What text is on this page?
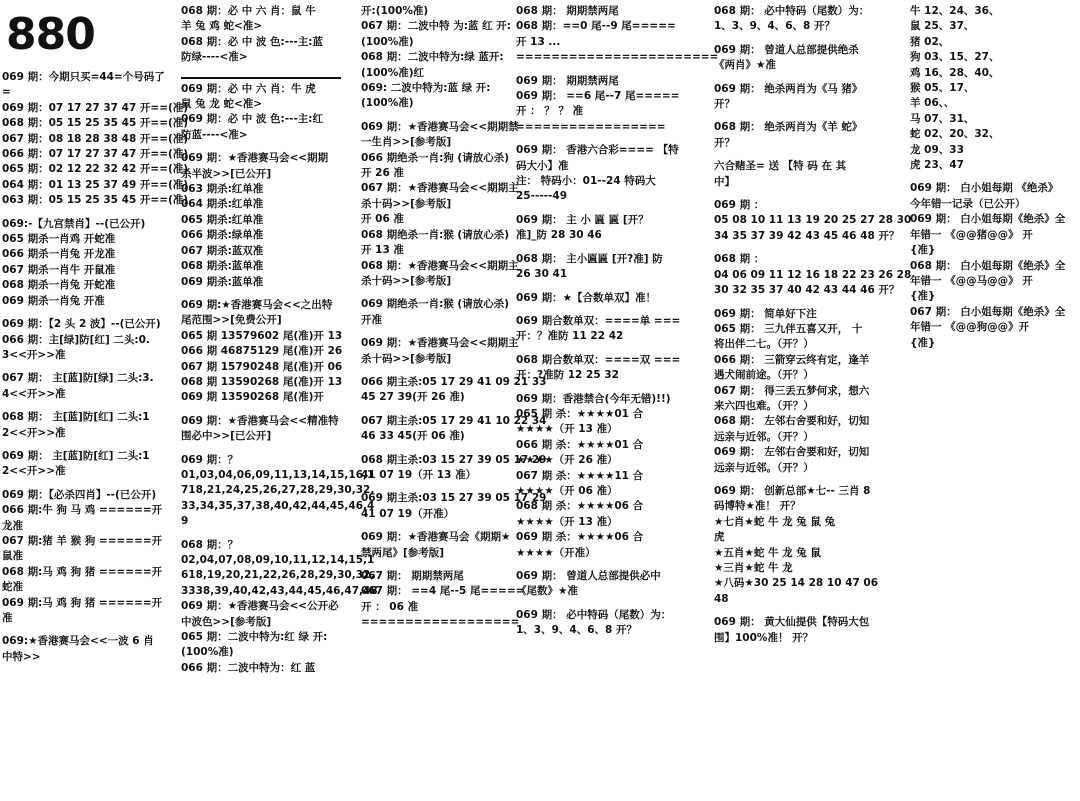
880
069 期：今期只买=44=个号码了
=
069 期：07 17 27 37 47 开==(准)
068 期：05 15 25 35 45 开==(准)
067 期：08 18 28 38 48 开==(准)
066 期：07 17 27 37 47 开==(准)
065 期：02 12 22 32 42 开==(准)
064 期：01 13 25 37 49 开==(准)
063 期：05 15 25 35 45 开==(准)
069:-【九宫禁肖】--(已公开)
065 期杀一肖鸡 开蛇准
066 期杀一肖兔 开龙准
067 期杀一肖牛 开鼠准
068 期杀一肖兔 开蛇准
069 期杀一肖兔 开准
069 期：【2 头 2 波】--(已公开)
066 期：主[绿]防[红] 二头:0.
3<<开>>准
067 期： 主[蓝]防[绿] 二头:3.
4<<开>>准
068 期： 主[蓝]防[红] 二头:1
2<<开>>准
069 期： 主[蓝]防[红] 二头:1
2<<开>>准
069 期：【必杀四肖】--(已公开)
066 期:牛 狗 马 鸡 ======开
龙准
067 期:猪 羊 猴 狗 ======开
鼠准
068 期:马 鸡 狗 猪 ======开
蛇准
069 期:马 鸡 狗 猪 ======开
准
069:★香港赛马会<<一波 6 肖
中特>>
068 期：必 中 六 肖：鼠 牛
羊 兔 鸡 蛇<准>
068 期：必 中 波 色:---主:蓝
防绿----<准>
069 期：必 中 六 肖：牛 虎
鼠 兔 龙 蛇<准>
069 期：必 中 波 色:---主:红
防蓝----<准>
069 期：★香港赛马会<<期期
杀半波>>[已公开]
063 期杀:红单准
064 期杀:红单准
065 期杀:红单准
066 期杀:绿单准
067 期杀:蓝双准
068 期杀:蓝单准
069 期杀:蓝单准
069 期:★香港赛马会<<之出特
尾范围>>[免费公开]
065 期 13579602 尾(准)开 13
066 期 46875129 尾(准)开 26
067 期 15790248 尾(准)开 06
068 期 13590268 尾(准)开 13
069 期 13590268 尾(准)开
069 期：★香港赛马会<<精准特
围必中>>[已公开]
069 期：？
01,03,04,06,09,11,13,14,15,16,1
718,21,24,25,26,27,28,29,30,32,
33,34,35,37,38,40,42,44,45,46,4
9
068 期：？
02,04,07,08,09,10,11,12,14,15,1
618,19,20,21,22,26,28,29,30,32,
3338,39,40,42,43,44,45,46,47,48
069 期：★香港赛马会<<公开必
中波色>>[参考版]
065 期：二波中特为:红 绿 开:
(100%准)
066 期：二波中特为：红 蓝
开:(100%准)
067 期：二波中特 为:蓝 红 开:
(100%准)
068 期：二波中特为:绿 蓝开:
(100%准)红
069: 二波中特为:蓝 绿 开:
(100%准)
069 期：★香港赛马会<<期期禁
一生肖>>[参考版]
066 期绝杀一肖:狗 (请放心杀)
开 26 准
067 期：★香港赛马会<<期期主
杀十码>>[参考版]
开 06 准
068 期绝杀一肖:猴 (请放心杀)
开 13 准
068 期：★香港赛马会<<期期主
杀十码>>[参考版]
069 期绝杀一肖:猴 (请放心杀)
开准
069 期：★香港赛马会<<期期主
杀十码>>[参考版]
066 期主杀:05 17 29 41 09 21 33
45 27 39(开 26 准)
067 期主杀:05 17 29 41 10 22 34
46 33 45(开 06 准)
068 期主杀:03 15 27 39 05 17 29
41 07 19（开 13 准）
069 期主杀:03 15 27 39 05 17 29
41 07 19（开准）
069 期：★香港赛马会《期期★
禁两尾》[参考版]
067 期： 期期禁两尾
067 期： ==4 尾--5 尾=====
开 ： 06 准
==================
068 期： 期期禁两尾
068 期：==0 尾--9 尾=====
开 13 ...
=======================
069 期： 期期禁两尾
069 期： ==6 尾--7 尾=====
开 ： ？ ？ 准
=================
069 期： 香港六合彩==== 【特
码大小】准
注： 特码小：01--24 特码大
25-----49
069 期： 主 小 匾 匾 [开？
准]_防 28 30 46
068 期： 主小匾匾 [开?准] 防
26 30 41
069 期：★【合数单双】准！
069 期合数单双：====单 ===
开：？准防 11 22 42
068 期合数单双：====双 ===
开：?准防 12 25 32
069 期：香港禁合(今年无错)!!)
065 期 杀：★★★★01 合
★★★★（开 13 准）
066 期 杀：★★★★01 合
★★★★（开 26 准）
067 期 杀：★★★★11 合
★★★★（开 06 准）
068 期 杀：★★★★06 合
★★★★（开 13 准）
069 期 杀：★★★★06 合
★★★★（开准）
069 期： 曾道人总部提供必中
《尾数》★准
069 期： 必中特码（尾数）为：
1、3、9、4、6、8 开？
068 期： 必中特码（尾数）为：
1、3、9、4、6、8 开？
069 期： 曾道人总部提供绝杀
《两肖》★准
069 期： 绝杀两肖为《马 猪》
开？
068 期： 绝杀两肖为《羊 蛇》
开？
六合赌圣= 送 【特 码 在 其
中】
069 期 ：
05 08 10 11 13 19 20 25 27 28 30
34 35 37 39 42 43 45 46 48 开？
068 期 ：
04 06 09 11 12 16 18 22 23 26 28
30 32 35 37 40 42 43 44 46 开？
069 期： 简单好下注
065 期： 三九伴五喜又开， 十
将出伴二七。（开？）
066 期： 三箭穿云终有定，逢羊
遇犬闹前途。（开？）
067 期： 得三丢五梦何求，想六
来六四也难。（开？）
068 期： 左邻右舍要和好，切知
远亲与近邻。（开？）
069 期： 左邻右舍要和好，切知
远亲与近邻。（开？）
069 期： 创新总部★七-- 三肖 8
码博特★准！ 开？
★七肖★蛇 牛 龙 兔 鼠 兔
虎
★五肖★蛇 牛 龙 兔 鼠
★三肖★蛇 牛 龙
★八码★30 25 14 28 10 47 06
48
069 期： 黄大仙提供【特码大包
围】100%准！ 开？
牛 12、24、36、
鼠 25、37、
猪 02、
狗 03、15、27、
鸡 16、28、40、
猴 05、17、
羊 06、、
马 07、31、
蛇 02、20、32、
龙 09、33
虎 23、47
069 期： 白小姐每期 《绝杀》
今年错一记录（已公开）
069 期： 白小姐每期《绝杀》全
年错一 《@@猪@@》 开
{准}
068 期： 白小姐每期《绝杀》全
年错一 《@@马@@》 开
{准}
067 期： 白小姐每期《绝杀》全
年错一 《@@狗@@》开
{准}
